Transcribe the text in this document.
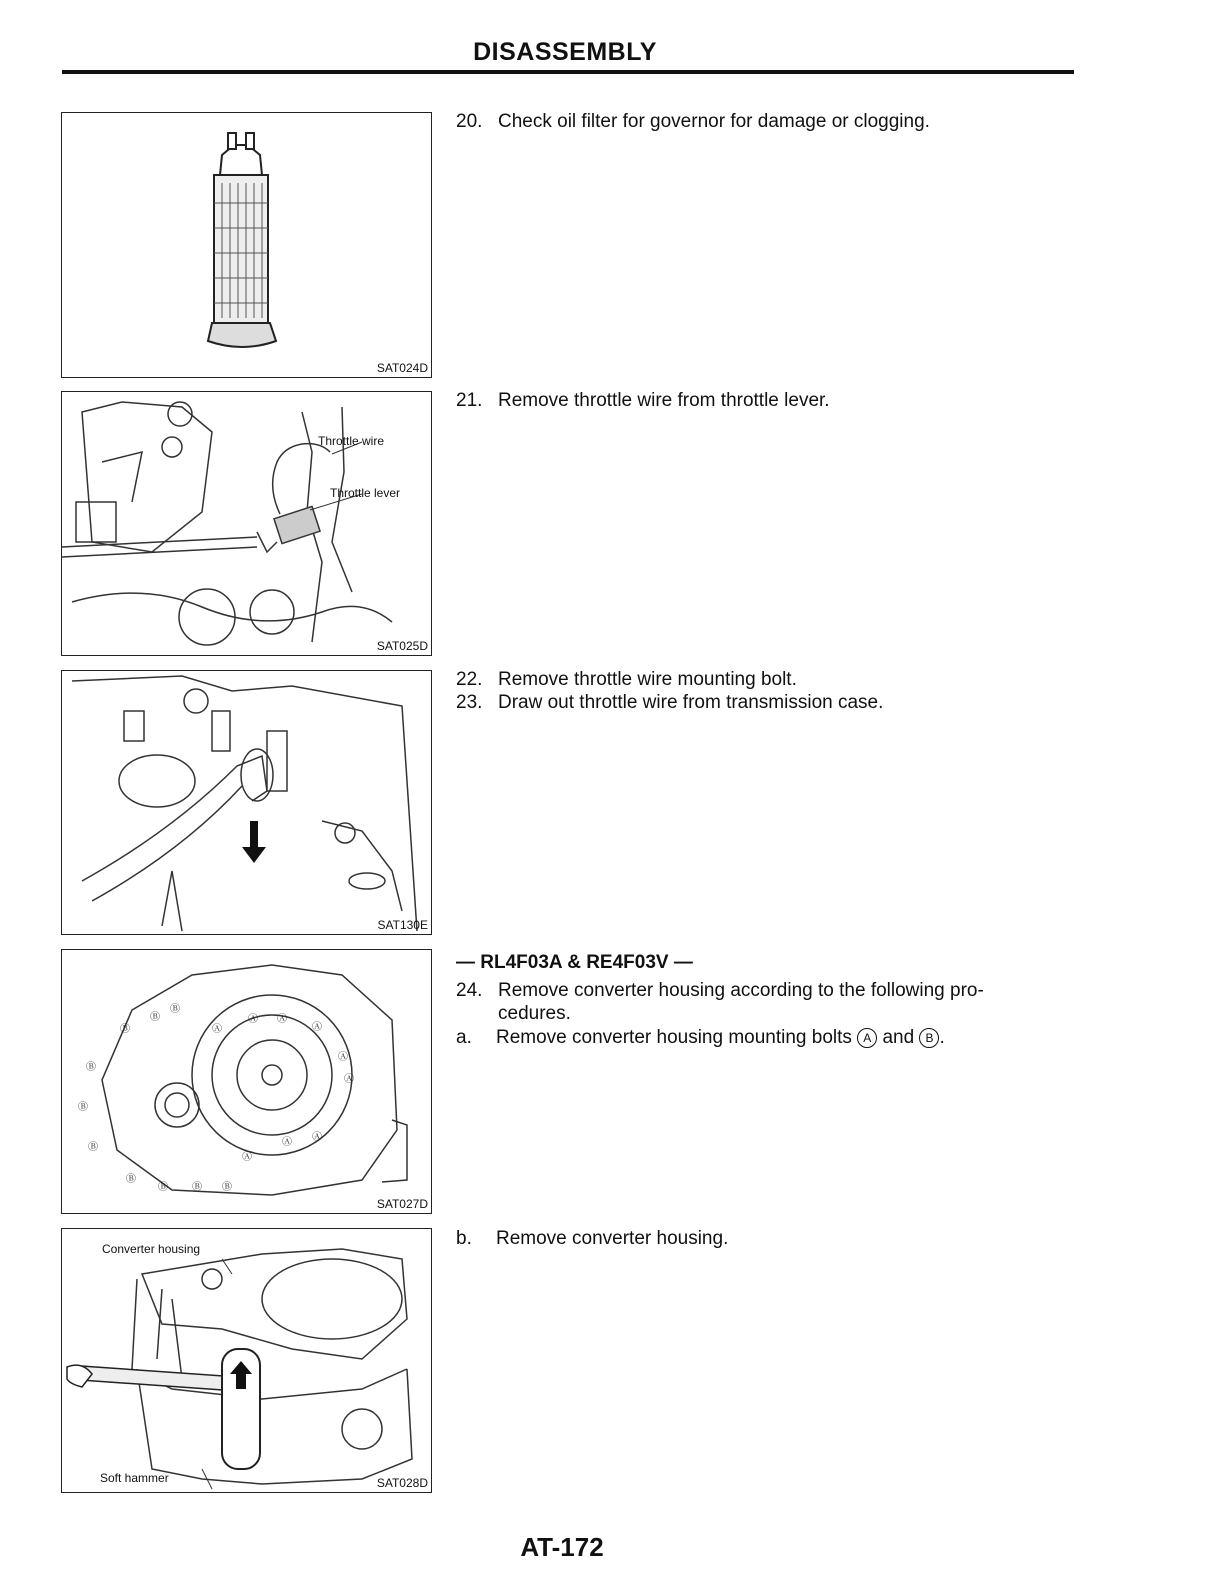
DISASSEMBLY
SAT024D
Throttle wire
Throttle lever
SAT025D
SAT130E
Ⓐ
Ⓐ Ⓐ
Ⓐ
Ⓐ
Ⓐ
Ⓐ
Ⓐ
Ⓐ
Ⓑ
Ⓑ
Ⓑ
Ⓑ
Ⓑ
Ⓑ
Ⓑ
Ⓑ Ⓑ Ⓑ
SAT027D
Converter housing
Soft hammer	SAT028D
20. Check oil filter for governor for damage or clogging.
21. Remove throttle wire from throttle lever.
22. Remove throttle wire mounting bolt.
23. Draw out throttle wire from transmission case.
— RL4F03A & RE4F03V —
24. Remove converter housing according to the following pro-
cedures.
a. Remove converter housing mounting bolts A and B .
b. Remove converter housing.
AT-172
